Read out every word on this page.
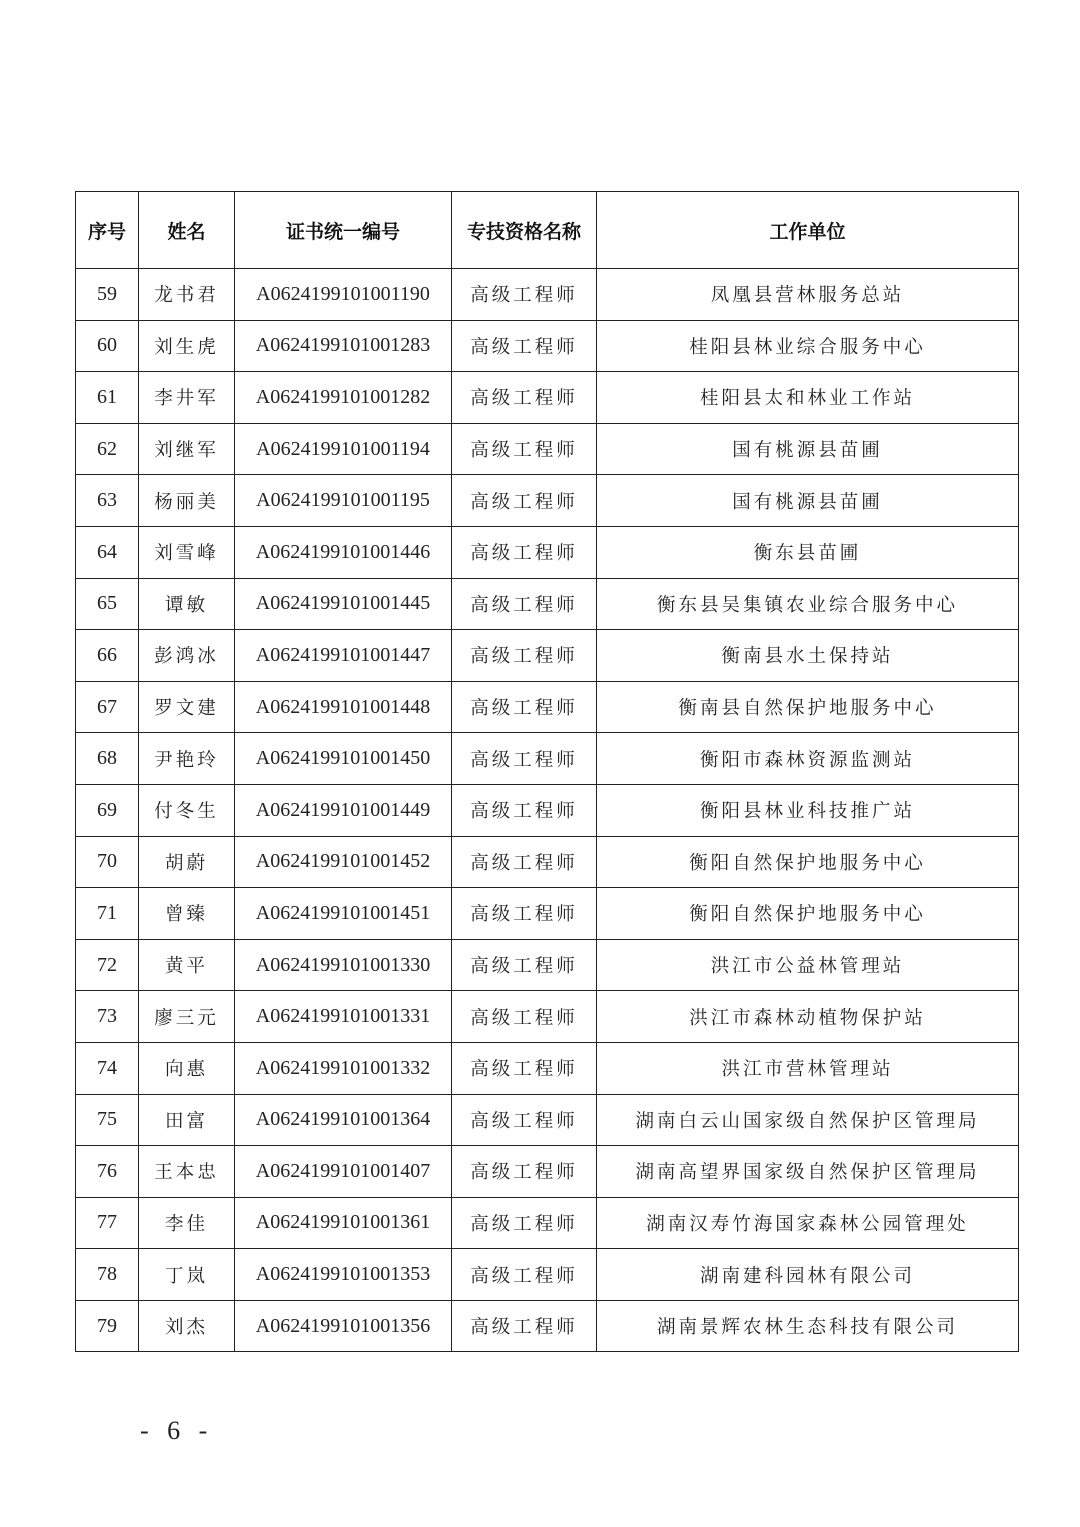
序号	姓名	证书统一编号	专技资格名称	工作单位
59	龙书君	A0624199101001190	高级工程师	凤凰县营林服务总站
60	刘生虎	A0624199101001283	高级工程师	桂阳县林业综合服务中心
61	李井军	A0624199101001282	高级工程师	桂阳县太和林业工作站
62	刘继军	A0624199101001194	高级工程师	国有桃源县苗圃
63	杨丽美	A0624199101001195	高级工程师	国有桃源县苗圃
64	刘雪峰	A0624199101001446	高级工程师	衡东县苗圃
65	谭敏	A0624199101001445	高级工程师	衡东县吴集镇农业综合服务中心
66	彭鸿冰	A0624199101001447	高级工程师	衡南县水土保持站
67	罗文建	A0624199101001448	高级工程师	衡南县自然保护地服务中心
68	尹艳玲	A0624199101001450	高级工程师	衡阳市森林资源监测站
69	付冬生	A0624199101001449	高级工程师	衡阳县林业科技推广站
70	胡蔚	A0624199101001452	高级工程师	衡阳自然保护地服务中心
71	曾臻	A0624199101001451	高级工程师	衡阳自然保护地服务中心
72	黄平	A0624199101001330	高级工程师	洪江市公益林管理站
73	廖三元	A0624199101001331	高级工程师	洪江市森林动植物保护站
74	向惠	A0624199101001332	高级工程师	洪江市营林管理站
75	田富	A0624199101001364	高级工程师	湖南白云山国家级自然保护区管理局
76	王本忠	A0624199101001407	高级工程师	湖南高望界国家级自然保护区管理局
77	李佳	A0624199101001361	高级工程师	湖南汉寿竹海国家森林公园管理处
78	丁岚	A0624199101001353	高级工程师	湖南建科园林有限公司
79	刘杰	A0624199101001356	高级工程师	湖南景辉农林生态科技有限公司
- 6 -
